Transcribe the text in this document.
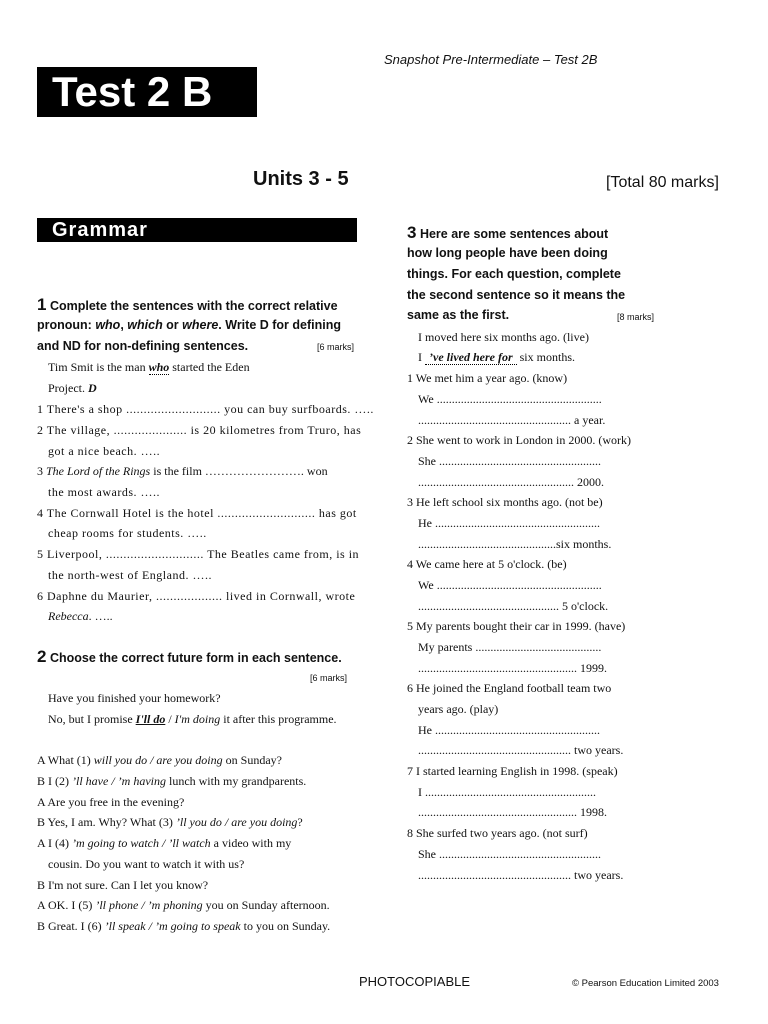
Snapshot Pre-Intermediate – Test 2B
Test 2 B
Units 3 - 5	[Total 80 marks]
Grammar
1 Complete the sentences with the correct relative
pronoun: who, which or where. Write D for defining
and ND for non-defining sentences.	[6 marks]
Tim Smit is the man who started the Eden
Project. D
1 There's a shop ........................... you can buy surfboards. …..
2 The village, ..................... is 20 kilometres from Truro, has
got a nice beach. …..
3 The Lord of the Rings is the film ……………………. won
the most awards. …..
4 The Cornwall Hotel is the hotel ............................ has got
cheap rooms for students. …..
5 Liverpool, ............................ The Beatles came from, is in
the north-west of England. …..
6 Daphne du Maurier, ................... lived in Cornwall, wrote
Rebecca. …..
2 Choose the correct future form in each sentence.
[6 marks]
Have you finished your homework?
No, but I promise I'll do / I'm doing it after this programme.
A What (1) will you do / are you doing on Sunday?
B I (2) ’ll have / ’m having lunch with my grandparents.
A Are you free in the evening?
B Yes, I am. Why? What (3) ’ll you do / are you doing?
A I (4) ’m going to watch / ’ll watch a video with my
cousin. Do you want to watch it with us?
B I'm not sure. Can I let you know?
A OK. I (5) ’ll phone / ’m phoning you on Sunday afternoon.
B Great. I (6) ’ll speak / ’m going to speak to you on Sunday.
3 Here are some sentences about
how long people have been doing
things. For each question, complete
the second sentence so it means the
same as the first.	[8 marks]
I moved here six months ago. (live)
I ’ve lived here for six months.
1 We met him a year ago. (know)
We .......................................................
................................................... a year.
2 She went to work in London in 2000. (work)
She ......................................................
.................................................... 2000.
3 He left school six months ago. (not be)
He .......................................................
..............................................six months.
4 We came here at 5 o'clock. (be)
We .......................................................
............................................... 5 o'clock.
5 My parents bought their car in 1999. (have)
My parents ..........................................
..................................................... 1999.
6 He joined the England football team two
years ago. (play)
He .......................................................
................................................... two years.
7 I started learning English in 1998. (speak)
I .........................................................
..................................................... 1998.
8 She surfed two years ago. (not surf)
She ......................................................
................................................... two years.
PHOTOCOPIABLE	© Pearson Education Limited 2003
